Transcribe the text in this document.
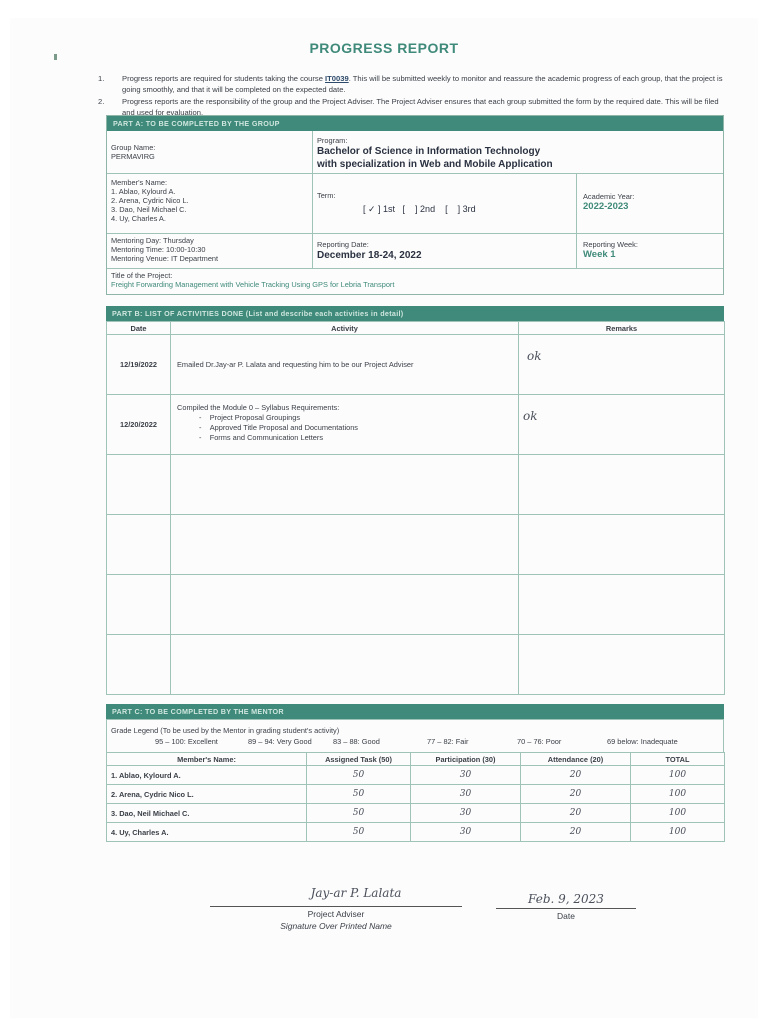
PROGRESS REPORT
1. Progress reports are required for students taking the course IT0039. This will be submitted weekly to monitor and reassure the academic progress of each group, that the project is going smoothly, and that it will be completed on the expected date.
2. Progress reports are the responsibility of the group and the Project Adviser. The Project Adviser ensures that each group submitted the form by the required date. This will be filed and used for evaluation.
PART A: TO BE COMPLETED BY THE GROUP
Group Name:
PERMAVIRG
Program:
Bachelor of Science in Information Technology
with specialization in Web and Mobile Application
Member's Name:
1. Ablao, Kylourd A.
2. Arena, Cydric Nico L.
3. Dao, Neil Michael C.
4. Uy, Charles A.
Term:
[ ✓ ] 1st   [    ] 2nd    [    ] 3rd
Academic Year:
2022-2023
Mentoring Day: Thursday
Mentoring Time: 10:00-10:30
Mentoring Venue: IT Department
Reporting Date:
December 18-24, 2022
Reporting Week:
Week 1
Title of the Project:
Freight Forwarding Management with Vehicle Tracking Using GPS for Lebria Transport
PART B: LIST OF ACTIVITIES DONE (List and describe each activities in detail)
Date	Activity	Remarks
12/19/2022	Emailed Dr.Jay-ar P. Lalata and requesting him to be our Project Adviser	ok
12/20/2022	Compiled the Module 0 – Syllabus Requirements:
-    Project Proposal Groupings
-    Approved Title Proposal and Documentations
-    Forms and Communication Letters	ok

PART C: TO BE COMPLETED BY THE MENTOR
Grade Legend (To be used by the Mentor in grading student's activity)
95 – 100: Excellent	89 – 94: Very Good	83 – 88: Good	77 – 82: Fair	70 – 76: Poor	69 below: Inadequate
Member's Name:	Assigned Task (50)	Participation (30)	Attendance (20)	TOTAL
1. Ablao, Kylourd A.	50	30	20	100
2. Arena, Cydric Nico L.	50	30	20	100
3. Dao, Neil Michael C.	50	30	20	100
4. Uy, Charles A.	50	30	20	100
Jay-ar P. Lalata
Project Adviser
Signature Over Printed Name
Feb. 9, 2023
Date
